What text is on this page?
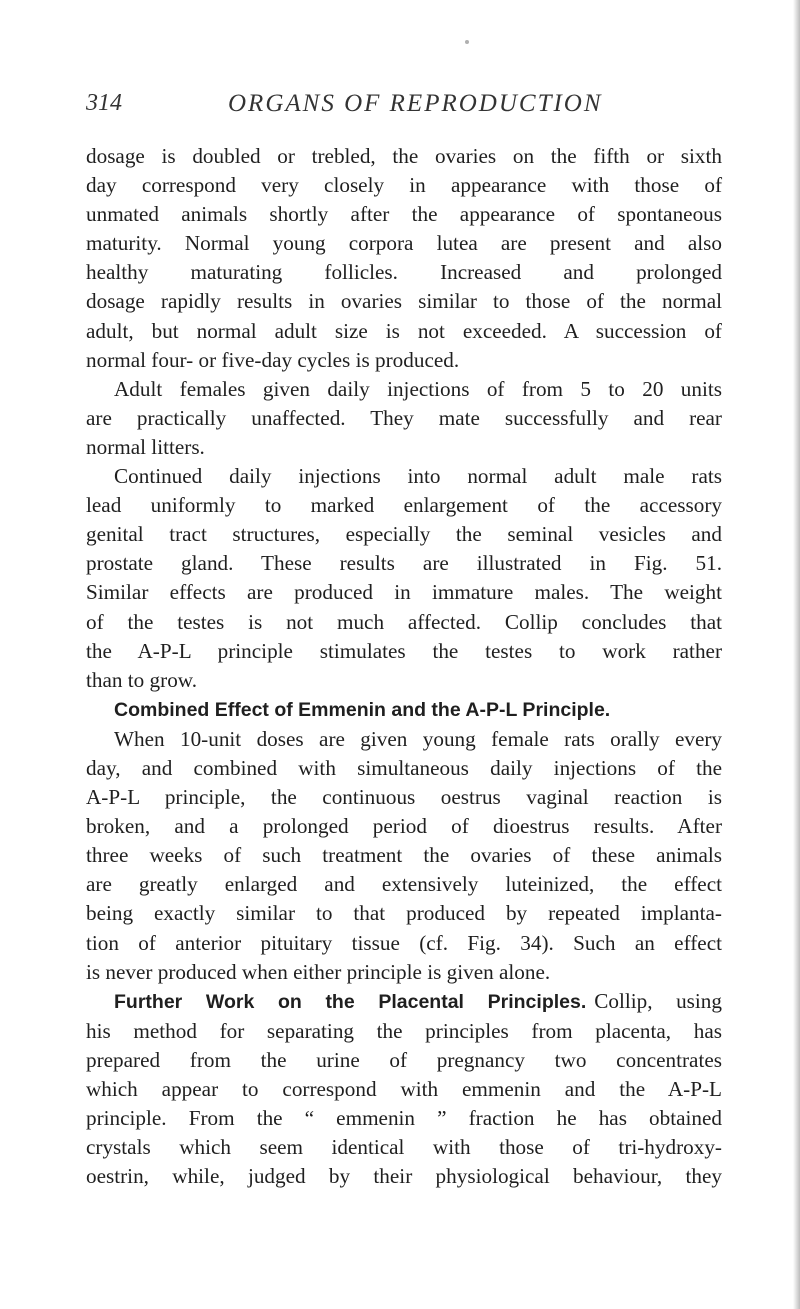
314	ORGANS OF REPRODUCTION
dosage is doubled or trebled, the ovaries on the fifth or sixth
day correspond very closely in appearance with those of
unmated animals shortly after the appearance of spontaneous
maturity. Normal young corpora lutea are present and also
healthy maturating follicles. Increased and prolonged
dosage rapidly results in ovaries similar to those of the normal
adult, but normal adult size is not exceeded. A succession of
normal four- or five-day cycles is produced.
Adult females given daily injections of from 5 to 20 units
are practically unaffected. They mate successfully and rear
normal litters.
Continued daily injections into normal adult male rats
lead uniformly to marked enlargement of the accessory
genital tract structures, especially the seminal vesicles and
prostate gland. These results are illustrated in Fig. 51.
Similar effects are produced in immature males. The weight
of the testes is not much affected. Collip concludes that
the A-P-L principle stimulates the testes to work rather
than to grow.
Combined Effect of Emmenin and the A-P-L Principle.
When 10-unit doses are given young female rats orally every
day, and combined with simultaneous daily injections of the
A-P-L principle, the continuous oestrus vaginal reaction is
broken, and a prolonged period of dioestrus results. After
three weeks of such treatment the ovaries of these animals
are greatly enlarged and extensively luteinized, the effect
being exactly similar to that produced by repeated implanta-
tion of anterior pituitary tissue (cf. Fig. 34). Such an effect
is never produced when either principle is given alone.
Further Work on the Placental Principles. Collip, using
his method for separating the principles from placenta, has
prepared from the urine of pregnancy two concentrates
which appear to correspond with emmenin and the A-P-L
principle. From the “ emmenin ” fraction he has obtained
crystals which seem identical with those of tri-hydroxy-
oestrin, while, judged by their physiological behaviour, they
